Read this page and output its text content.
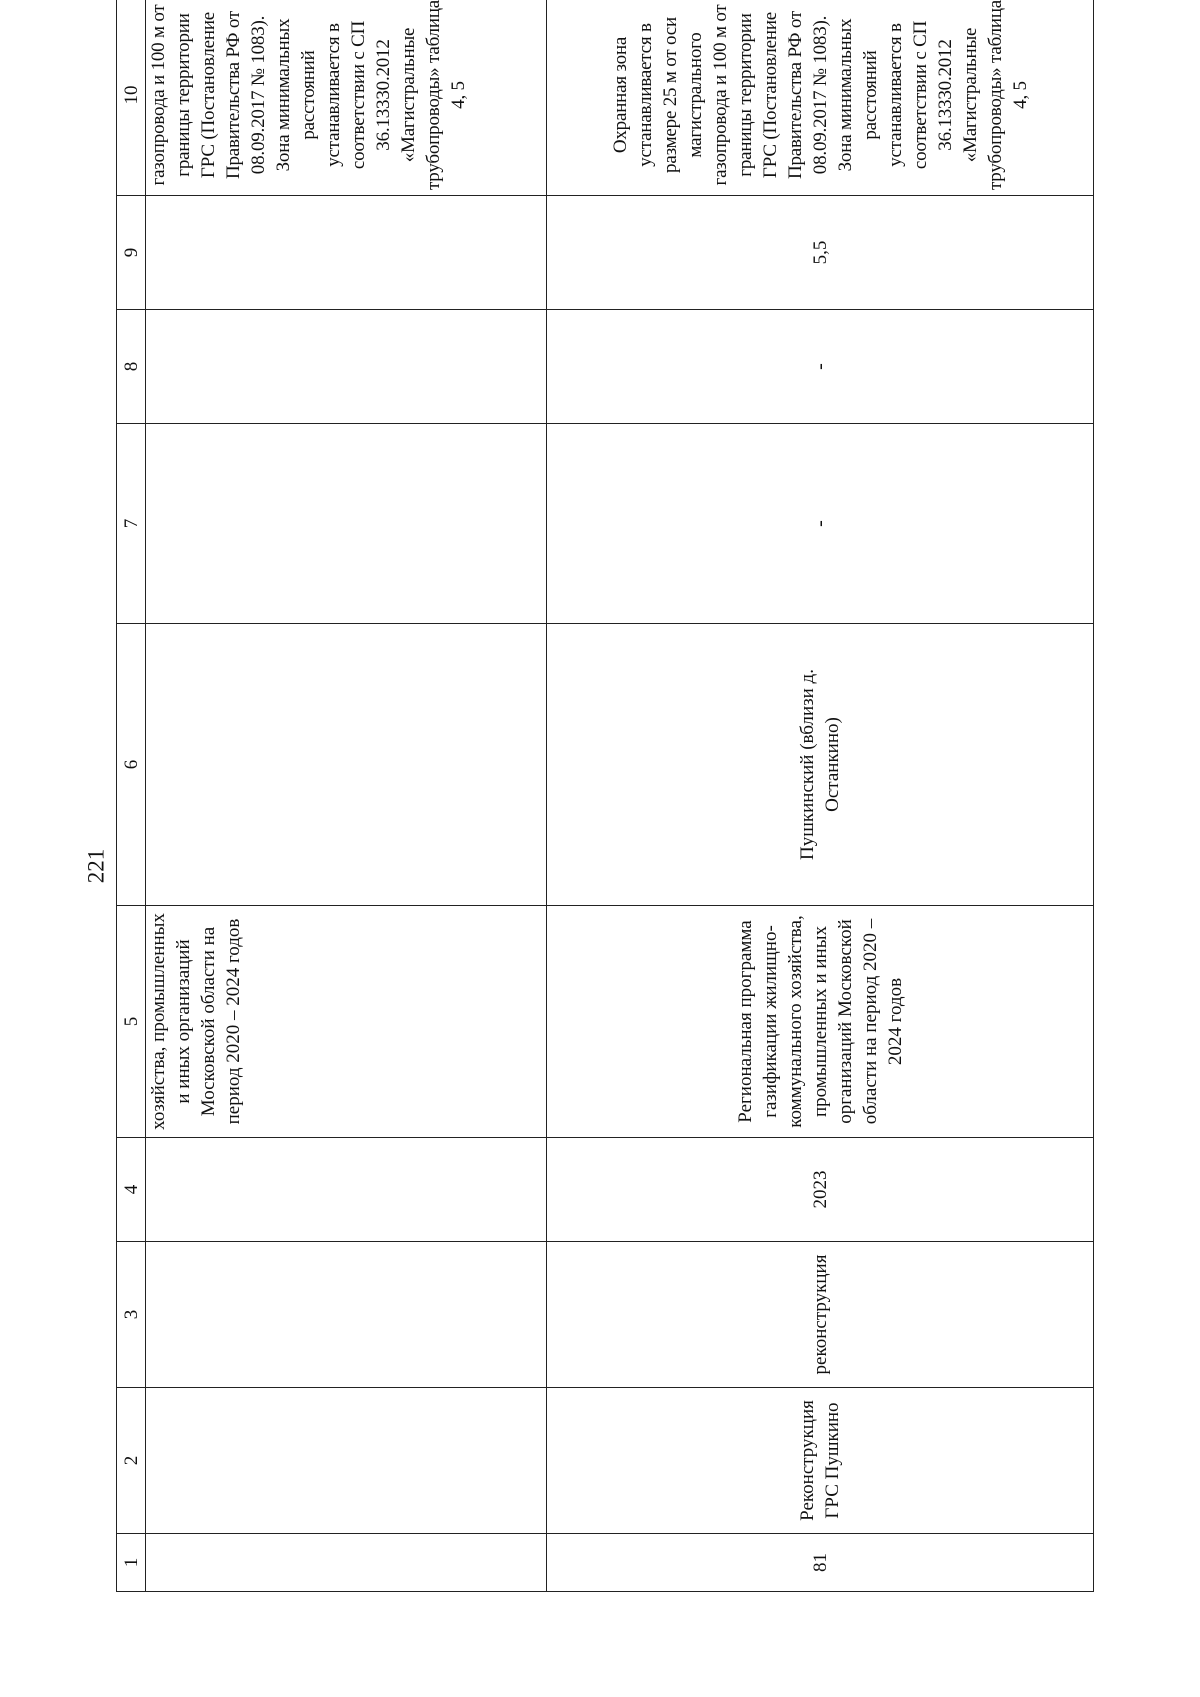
221
1	2	3	4	5	6	7	8	9	10
				хозяйства, промышленных и иных организаций Московской области на период 2020 – 2024 годов					газопровода и 100 м от границы территории ГРС (Постановление Правительства РФ от 08.09.2017 № 1083). Зона минимальных расстояний устанавливается в соответствии с СП 36.13330.2012 «Магистральные трубопроводы» таблица 4, 5
81	Реконструкция ГРС Пушкино	реконструкция	2023	Региональная программа газификации жилищно-коммунального хозяйства, промышленных и иных организаций Московской области на период 2020 – 2024 годов	Пушкинский (вблизи д. Останкино)	-	-	5,5	Охранная зона устанавливается в размере 25 м от оси магистрального газопровода и 100 м от границы территории ГРС (Постановление Правительства РФ от 08.09.2017 № 1083). Зона минимальных расстояний устанавливается в соответствии с СП 36.13330.2012 «Магистральные трубопроводы» таблица 4, 5
